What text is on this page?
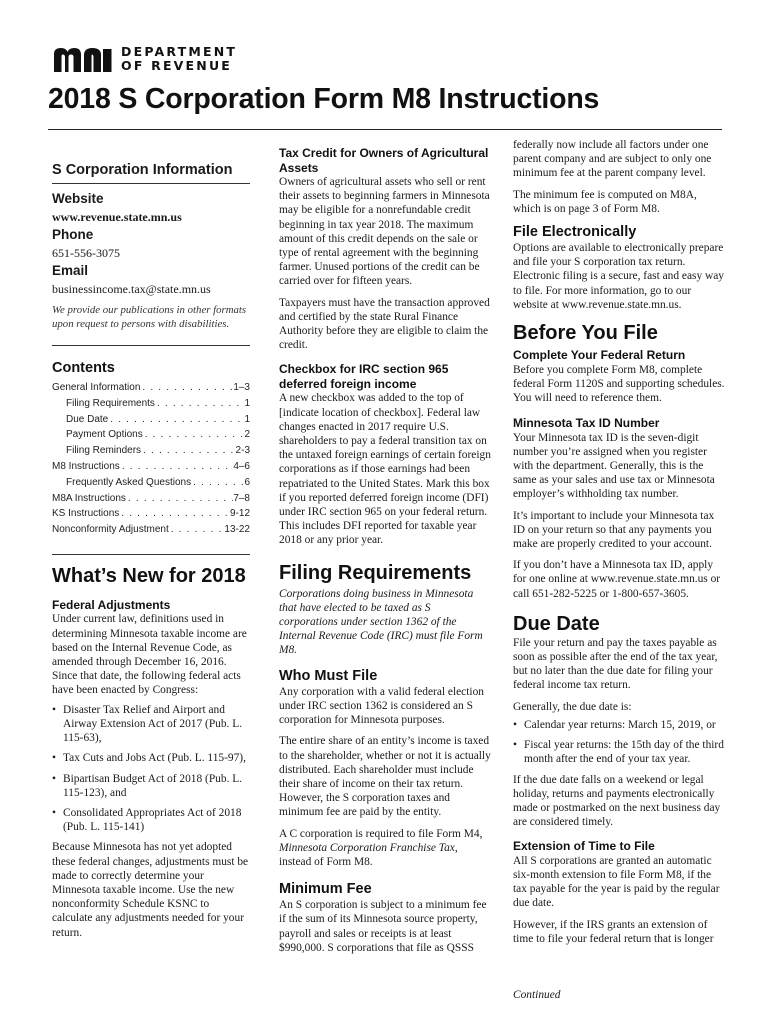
DEPARTMENT
OF REVENUE
2018 S Corporation Form M8 Instructions
S Corporation Information
Website

www.revenue.state.mn.us

Phone

651-556-3075

Email

businessincome.tax@state.mn.us

We provide our publications in other formats upon request to persons with disabilities.

Contents
General Information . . .	1–3
Filing Requirements . . .	1
Due Date . . .	1
Payment Options . . .	2
Filing Reminders . . .	2-3
M8 Instructions . . .	4–6
Frequently Asked Questions . . .	6
M8A Instructions . . .	7–8
KS Instructions . . .	9-12
Nonconformity Adjustment . . .	13-22
What’s New for 2018
Federal Adjustments

Under current law, definitions used in determining Minnesota taxable income are based on the Internal Revenue Code, as amended through December 16, 2016. Since that date, the following federal acts have been enacted by Congress:

• Disaster Tax Relief and Airport and Airway Extension Act of 2017 (Pub. L. 115-63),
• Tax Cuts and Jobs Act (Pub. L. 115-97),
• Bipartisan Budget Act of 2018 (Pub. L. 115-123), and
• Consolidated Appropriates Act of 2018 (Pub. L. 115-141)

Because Minnesota has not yet adopted these federal changes, adjustments must be made to correctly determine your Minnesota taxable income. Use the new nonconformity Schedule KSNC to calculate any adjustments needed for your return.

Tax Credit for Owners of Agricultural Assets

Owners of agricultural assets who sell or rent their assets to beginning farmers in Minnesota may be eligible for a nonrefundable credit beginning in tax year 2018. The maximum amount of this credit depends on the sale or type of rental agreement with the beginning farmer. Unused portions of the credit can be carried over for fifteen years.

Taxpayers must have the transaction approved and certified by the state Rural Finance Authority before they are eligible to claim the credit.

Checkbox for IRC section 965 deferred foreign income

A new checkbox was added to the top of [indicate location of checkbox]. Federal law changes enacted in 2017 require U.S. shareholders to pay a federal transition tax on the untaxed foreign earnings of certain foreign corporations as if those earnings had been repatriated to the United States. Mark this box if you reported deferred foreign income (DFI) under IRC section 965 on your federal return. This includes DFI reported for taxable year 2018 or any prior year.

Filing Requirements

Corporations doing business in Minnesota that have elected to be taxed as S corporations under section 1362 of the Internal Revenue Code (IRC) must file Form M8.

Who Must File

Any corporation with a valid federal election under IRC section 1362 is considered an S corporation for Minnesota purposes.

The entire share of an entity’s income is taxed to the shareholder, whether or not it is actually distributed. Each shareholder must include their share of income on their tax return. However, the S corporation taxes and minimum fee are paid by the entity.

A C corporation is required to file Form M4, Minnesota Corporation Franchise Tax, instead of Form M8.

Minimum Fee

An S corporation is subject to a minimum fee if the sum of its Minnesota source property, payroll and sales or receipts is at least $990,000. S corporations that file as QSSS

federally now include all factors under one parent company and are subject to only one minimum fee at the parent company level.

The minimum fee is computed on M8A, which is on page 3 of Form M8.

File Electronically

Options are available to electronically prepare and file your S corporation tax return. Electronic filing is a secure, fast and easy way to file. For more information, go to our website at www.revenue.state.mn.us.

Before You File
Complete Your Federal Return

Before you complete Form M8, complete federal Form 1120S and supporting schedules. You will need to reference them.

Minnesota Tax ID Number

Your Minnesota tax ID is the seven-digit number you’re assigned when you register with the department. Generally, this is the same as your sales and use tax or Minnesota employer’s withholding tax number.

It’s important to include your Minnesota tax ID on your return so that any payments you make are properly credited to your account.

If you don’t have a Minnesota tax ID, apply for one online at www.revenue.state.mn.us or call 651-282-5225 or 1-800-657-3605.

Due Date

File your return and pay the taxes payable as soon as possible after the end of the tax year, but no later than the due date for filing your federal income tax return.

Generally, the due date is:

• Calendar year returns: March 15, 2019, or
• Fiscal year returns: the 15th day of the third month after the end of your tax year.

If the due date falls on a weekend or legal holiday, returns and payments electronically made or postmarked on the next business day are considered timely.

Extension of Time to File

All S corporations are granted an automatic six-month extension to file Form M8, if the tax payable for the year is paid by the regular due date.

However, if the IRS grants an extension of time to file your federal return that is longer

Continued
